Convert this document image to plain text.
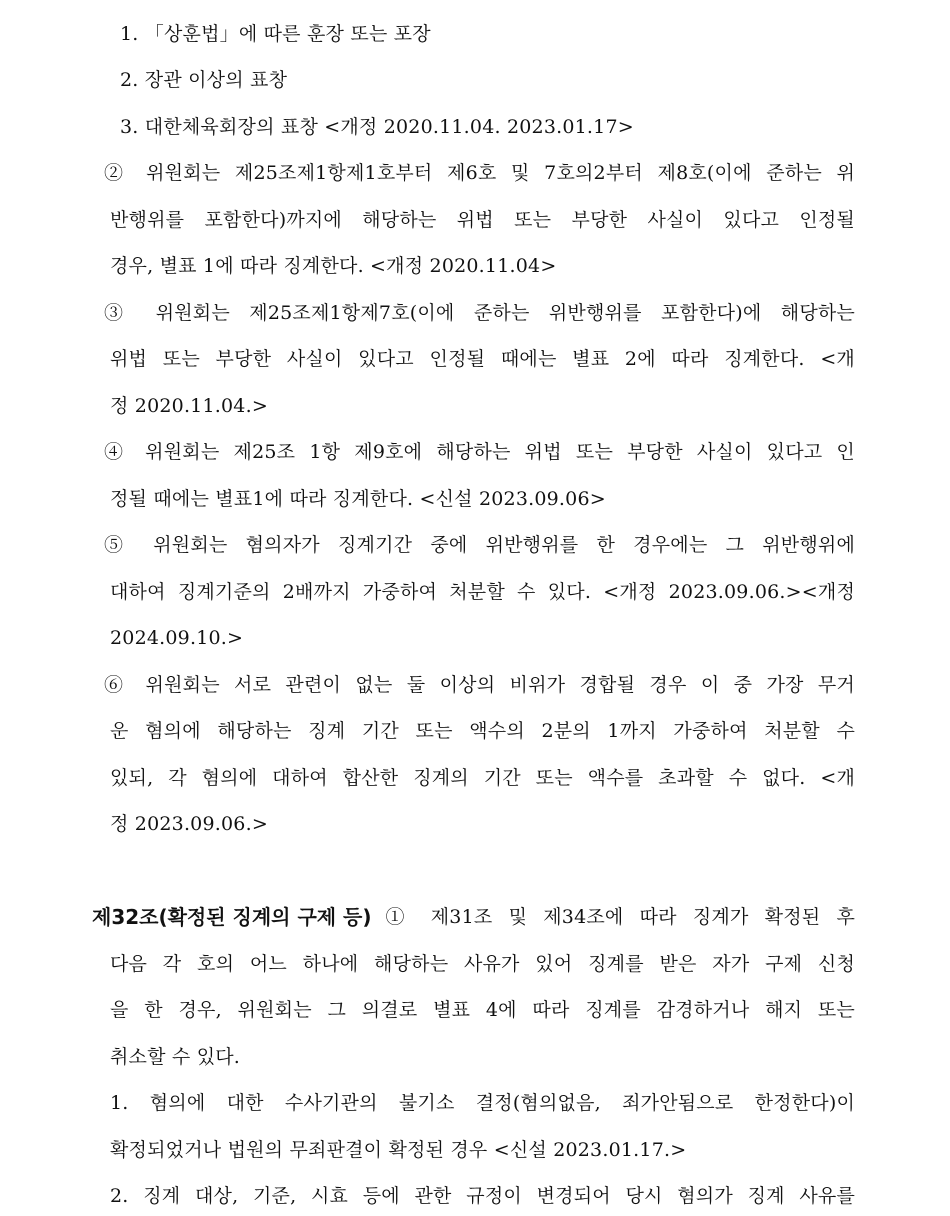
1. 「상훈법」에 따른 훈장 또는 포장
2. 장관 이상의 표창
3. 대한체육회장의 표창 <개정 2020.11.04. 2023.01.17>
② 위원회는 제25조제1항제1호부터 제6호 및 7호의2부터 제8호(이에 준하는 위
반행위를 포함한다)까지에 해당하는 위법 또는 부당한 사실이 있다고 인정될
경우, 별표 1에 따라 징계한다. <개정 2020.11.04>
③ 위원회는 제25조제1항제7호(이에 준하는 위반행위를 포함한다)에 해당하는
위법 또는 부당한 사실이 있다고 인정될 때에는 별표 2에 따라 징계한다. <개
정 2020.11.04.>
④ 위원회는 제25조 1항 제9호에 해당하는 위법 또는 부당한 사실이 있다고 인
정될 때에는 별표1에 따라 징계한다. <신설 2023.09.06>
⑤ 위원회는 혐의자가 징계기간 중에 위반행위를 한 경우에는 그 위반행위에
대하여 징계기준의 2배까지 가중하여 처분할 수 있다. <개정 2023.09.06.><개정
2024.09.10.>
⑥ 위원회는 서로 관련이 없는 둘 이상의 비위가 경합될 경우 이 중 가장 무거
운 혐의에 해당하는 징계 기간 또는 액수의 2분의 1까지 가중하여 처분할 수
있되, 각 혐의에 대하여 합산한 징계의 기간 또는 액수를 초과할 수 없다. <개
정 2023.09.06.>
제32조(확정된 징계의 구제 등) ① 제31조 및 제34조에 따라 징계가 확정된 후
다음 각 호의 어느 하나에 해당하는 사유가 있어 징계를 받은 자가 구제 신청
을 한 경우, 위원회는 그 의결로 별표 4에 따라 징계를 감경하거나 해지 또는
취소할 수 있다.
1. 혐의에 대한 수사기관의 불기소 결정(혐의없음, 죄가안됨으로 한정한다)이
확정되었거나 법원의 무죄판결이 확정된 경우 <신설 2023.01.17.>
2. 징계 대상, 기준, 시효 등에 관한 규정이 변경되어 당시 혐의가 징계 사유를
